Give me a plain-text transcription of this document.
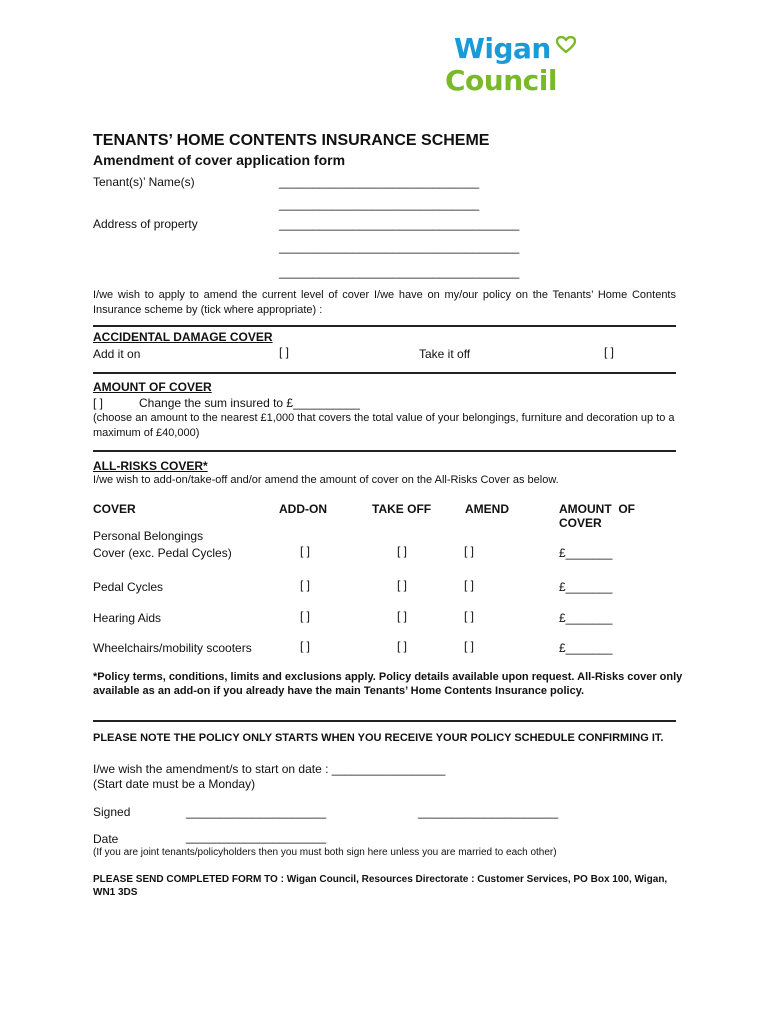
Wigan
Council
TENANTS’ HOME CONTENTS INSURANCE SCHEME
Amendment of cover application form
Tenant(s)’ Name(s)	______________________________
______________________________
Address of property	____________________________________
____________________________________
____________________________________
I/we wish to apply to amend the current level of cover I/we have on my/our policy on the Tenants’ Home Contents Insurance scheme by (tick where appropriate) :
ACCIDENTAL DAMAGE COVER
Add it on	[ ]	Take it off	[ ]
AMOUNT OF COVER
[ ]	Change the sum insured to £__________
(choose an amount to the nearest £1,000 that covers the total value of your belongings, furniture and decoration up to a maximum of £40,000)
ALL-RISKS COVER*
I/we wish to add-on/take-off and/or amend the amount of cover on the All-Risks Cover as below.
COVER	ADD-ON	TAKE OFF	AMEND	AMOUNT  OF
COVER
Personal Belongings
Cover (exc. Pedal Cycles)	[ ]	[ ]	[ ]	£_______
Pedal Cycles	[ ]	[ ]	[ ]	£_______
Hearing Aids	[ ]	[ ]	[ ]	£_______
Wheelchairs/mobility scooters	[ ]	[ ]	[ ]	£_______
*Policy terms, conditions, limits and exclusions apply. Policy details available upon request. All-Risks cover only available as an add-on if you already have the main Tenants’ Home Contents Insurance policy.
PLEASE NOTE THE POLICY ONLY STARTS WHEN YOU RECEIVE YOUR POLICY SCHEDULE CONFIRMING IT.
I/we wish the amendment/s to start on date : _________________
(Start date must be a Monday)
Signed	_____________________	_____________________
Date	_____________________
(If you are joint tenants/policyholders then you must both sign here unless you are married to each other)
PLEASE SEND COMPLETED FORM TO : Wigan Council, Resources Directorate : Customer Services, PO Box 100, Wigan, WN1 3DS
